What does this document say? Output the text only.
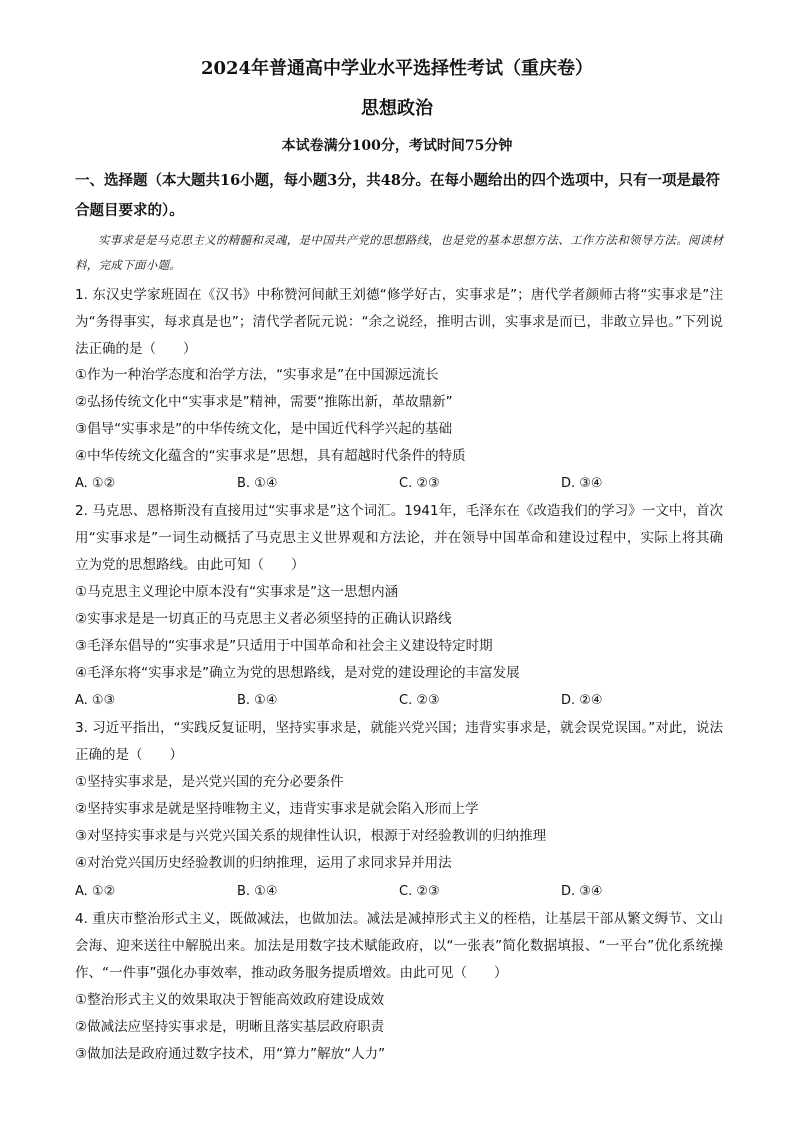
2024年普通高中学业水平选择性考试（重庆卷）
思想政治
本试卷满分100分，考试时间75分钟
一、选择题（本大题共16小题，每小题3分，共48分。在每小题给出的四个选项中，只有一项是最符合题目要求的）。
实事求是是马克思主义的精髓和灵魂，是中国共产党的思想路线，也是党的基本思想方法、工作方法和领导方法。阅读材料，完成下面小题。
1. 东汉史学家班固在《汉书》中称赞河间献王刘德“修学好古，实事求是”；唐代学者颜师古将“实事求是”注为“务得事实，每求真是也”；清代学者阮元说：“余之说经，推明古训，实事求是而已，非敢立异也。”下列说法正确的是（　　）
①作为一种治学态度和治学方法，“实事求是”在中国源远流长
②弘扬传统文化中“实事求是”精神，需要“推陈出新，革故鼎新”
③倡导“实事求是”的中华传统文化，是中国近代科学兴起的基础
④中华传统文化蕴含的“实事求是”思想，具有超越时代条件的特质
A. ①②	B. ①④	C. ②③	D. ③④
2. 马克思、恩格斯没有直接用过“实事求是”这个词汇。1941年，毛泽东在《改造我们的学习》一文中，首次用“实事求是”一词生动概括了马克思主义世界观和方法论，并在领导中国革命和建设过程中，实际上将其确立为党的思想路线。由此可知（　　）
①马克思主义理论中原本没有“实事求是”这一思想内涵
②实事求是是一切真正的马克思主义者必须坚持的正确认识路线
③毛泽东倡导的“实事求是”只适用于中国革命和社会主义建设特定时期
④毛泽东将“实事求是”确立为党的思想路线，是对党的建设理论的丰富发展
A. ①③	B. ①④	C. ②③	D. ②④
3. 习近平指出，“实践反复证明，坚持实事求是，就能兴党兴国；违背实事求是，就会误党误国。”对此，说法正确的是（　　）
①坚持实事求是，是兴党兴国的充分必要条件
②坚持实事求是就是坚持唯物主义，违背实事求是就会陷入形而上学
③对坚持实事求是与兴党兴国关系的规律性认识，根源于对经验教训的归纳推理
④对治党兴国历史经验教训的归纳推理，运用了求同求异并用法
A. ①②	B. ①④	C. ②③	D. ③④
4. 重庆市整治形式主义，既做减法，也做加法。减法是减掉形式主义的桎梏，让基层干部从繁文缛节、文山会海、迎来送往中解脱出来。加法是用数字技术赋能政府，以“一张表”简化数据填报、“一平台”优化系统操作、“一件事”强化办事效率，推动政务服务提质增效。由此可见（　　）
①整治形式主义的效果取决于智能高效政府建设成效
②做减法应坚持实事求是，明晰且落实基层政府职责
③做加法是政府通过数字技术，用“算力”解放“人力”
